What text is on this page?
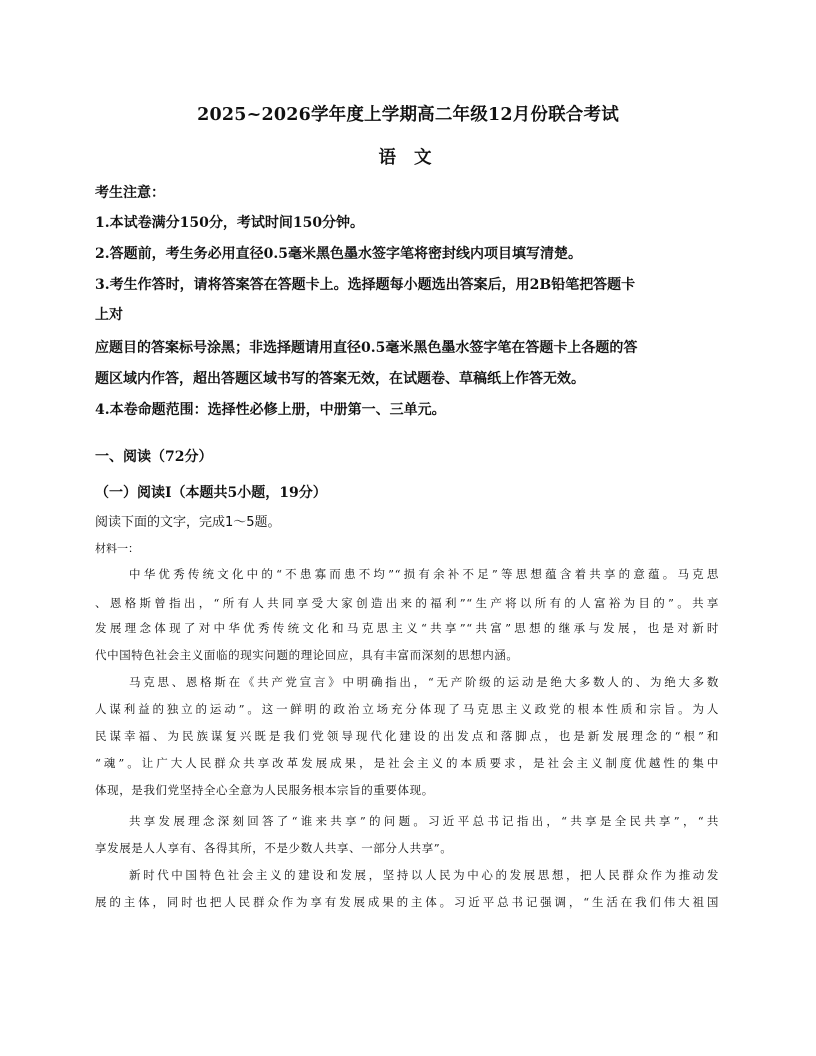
2025~2026学年度上学期高二年级12月份联合考试
语 文
考生注意：
1.本试卷满分150分，考试时间150分钟。
2.答题前，考生务必用直径0.5毫米黑色墨水签字笔将密封线内项目填写清楚。
3.考生作答时，请将答案答在答题卡上。选择题每小题选出答案后，用2B铅笔把答题卡
上对
应题目的答案标号涂黑；非选择题请用直径0.5毫米黑色墨水签字笔在答题卡上各题的答
题区域内作答，超出答题区域书写的答案无效，在试题卷、草稿纸上作答无效。
4.本卷命题范围：选择性必修上册，中册第一、三单元。
一、阅读（72分）
（一）阅读Ⅰ（本题共5小题，19分）
阅读下面的文字，完成1～5题。
材料一：
中华优秀传统文化中的“不患寡而患不均”“损有余补不足”等思想蕴含着共享的意蕴。马克思
、恩格斯曾指出，“所有人共同享受大家创造出来的福利”“生产将以所有的人富裕为目的”。共享
发展理念体现了对中华优秀传统文化和马克思主义“共享”“共富”思想的继承与发展，也是对新时
代中国特色社会主义面临的现实问题的理论回应，具有丰富而深刻的思想内涵。
马克思、恩格斯在《共产党宣言》中明确指出，“无产阶级的运动是绝大多数人的、为绝大多数
人谋利益的独立的运动”。这一鲜明的政治立场充分体现了马克思主义政党的根本性质和宗旨。为人
民谋幸福、为民族谋复兴既是我们党领导现代化建设的出发点和落脚点，也是新发展理念的“根”和
“魂”。让广大人民群众共享改革发展成果，是社会主义的本质要求，是社会主义制度优越性的集中
体现，是我们党坚持全心全意为人民服务根本宗旨的重要体现。
共享发展理念深刻回答了“谁来共享”的问题。习近平总书记指出，“共享是全民共享”，“共
享发展是人人享有、各得其所，不是少数人共享、一部分人共享”。
新时代中国特色社会主义的建设和发展，坚持以人民为中心的发展思想，把人民群众作为推动发
展的主体，同时也把人民群众作为享有发展成果的主体。习近平总书记强调，“生活在我们伟大祖国
